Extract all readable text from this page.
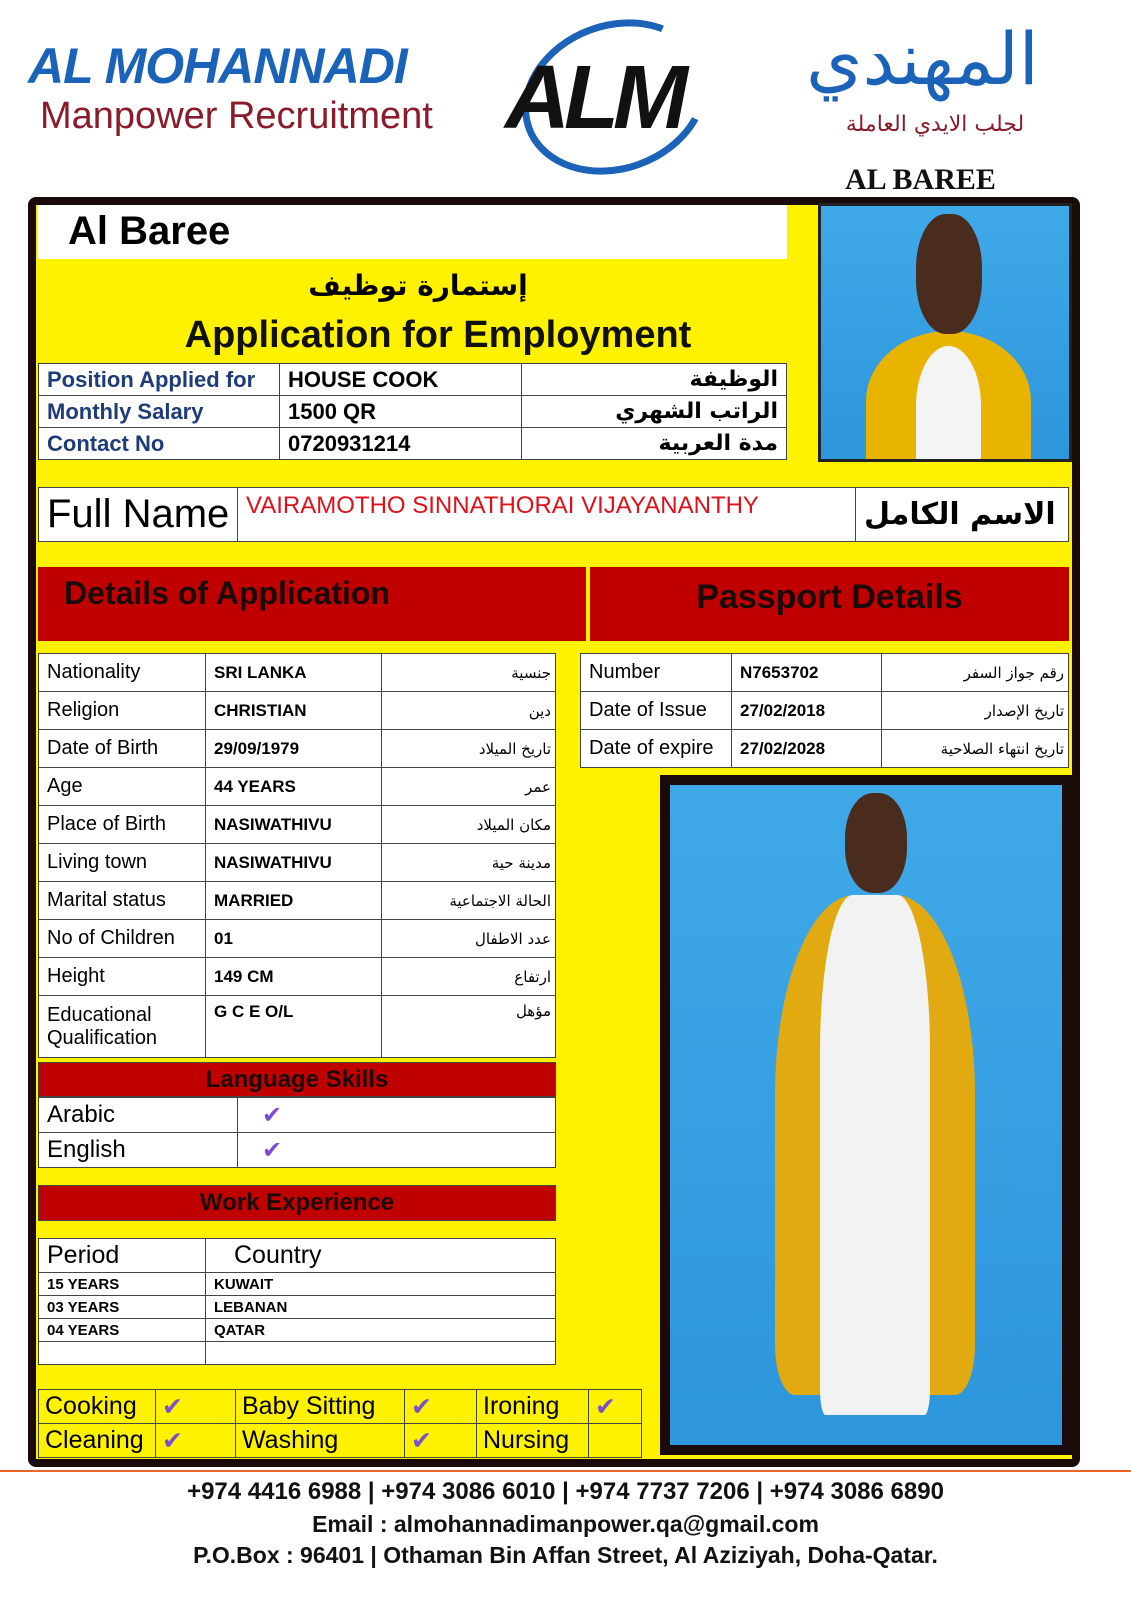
AL MOHANNADI
Manpower Recruitment ALM	المهندي
لجلب الايدي العاملة
AL BAREE
Al Baree
إستمارة توظيف
Application for Employment
Position Applied for	HOUSE COOK	الوظيفة
Monthly Salary	1500 QR	الراتب الشهري
Contact No	0720931214	مدة العربية
Full Name	VAIRAMOTHO SINNATHORAI VIJAYANANTHY	الاسم الكامل
Details of Application	Passport Details
Nationality	SRI LANKA	جنسية
Religion	CHRISTIAN	دين
Date of Birth	29/09/1979	تاريخ الميلاد
Age	44 YEARS	عمر
Place of Birth	NASIWATHIVU	مكان الميلاد
Living town	NASIWATHIVU	مدينة حية
Marital status	MARRIED	الحالة الاجتماعية
No of Children	01	عدد الاطفال
Height	149 CM	ارتفاع
Educational Qualification	G C E O/L	مؤهل
Number	N7653702	رقم جواز السفر
Date of Issue	27/02/2018	تاريخ الإصدار
Date of expire	27/02/2028	تاريخ انتهاء الصلاحية
Language Skills
Arabic	✔
English	✔
Work Experience
Period	Country
15 YEARS	KUWAIT
03 YEARS	LEBANAN
04 YEARS	QATAR

Cooking	✔	Baby Sitting	✔	Ironing	✔
Cleaning	✔	Washing	✔	Nursing	
+974 4416 6988 | +974 3086 6010 | +974 7737 7206 | +974 3086 6890
Email : almohannadimanpower.qa@gmail.com
P.O.Box : 96401 | Othaman Bin Affan Street, Al Aziziyah, Doha-Qatar.
